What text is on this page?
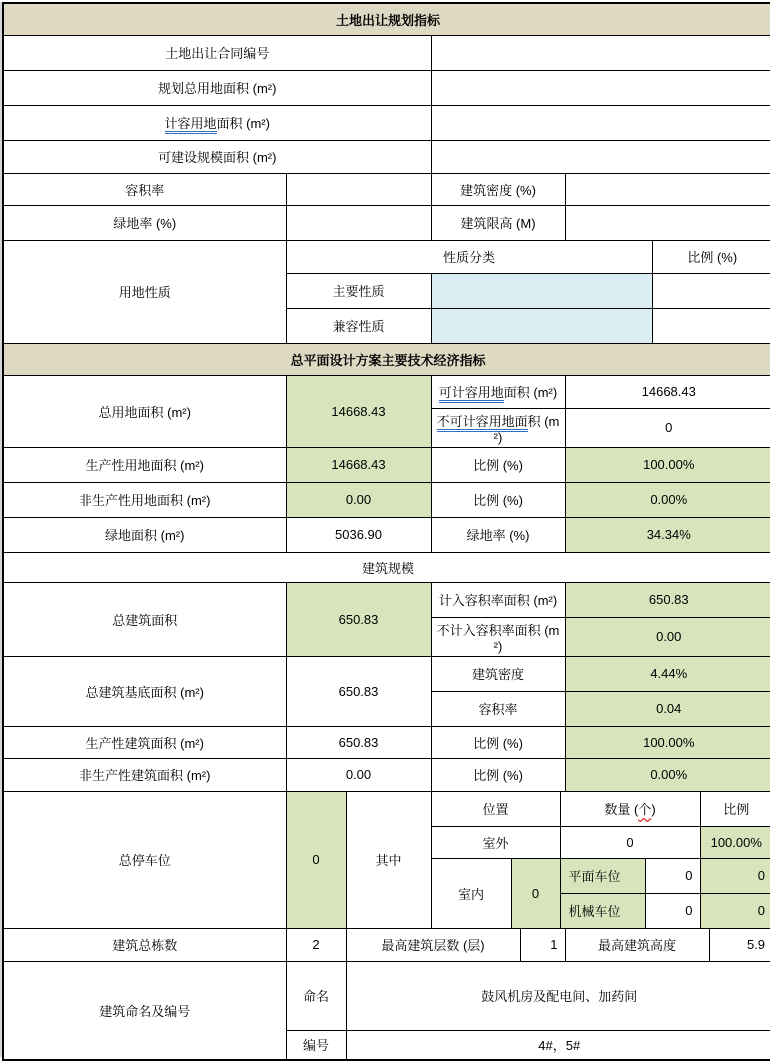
土地出让规划指标											
土地出让合同编号											
规划总用地面积 (m²)											
计容用地面积 (m²)											
可建设规模面积 (m²)											
容积率			建筑密度 (%)								
绿地率 (%)			建筑限高 (M)								
用地性质	性质分类								比例 (%)		
	主要性质										
	兼容性质										
总平面设计方案主要技术经济指标											
总用地面积 (m²)	14668.43		可计容用地面积 (m²)				14668.43				
			不可计容用地面积 (m²)				0				
生产性用地面积 (m²)	14668.43		比例 (%)				100.00%				
非生产性用地面积 (m²)	0.00		比例 (%)				0.00%				
绿地面积 (m²)	5036.90		绿地率 (%)				34.34%				
建筑规模											
总建筑面积	650.83		计入容积率面积 (m²)				650.83				
			不计入容积率面积 (m²)				0.00				
总建筑基底面积 (m²)	650.83		建筑密度				4.44%				
			容积率				0.04				
生产性建筑面积 (m²)	650.83		比例 (%)				100.00%				
非生产性建筑面积 (m²)	0.00		比例 (%)				0.00%				
总停车位	0	其中	位置			数量 (个)				比例	
			室外			0				100.00%	
			室内	0		平面车位		0		0	
						机械车位		0		0	
建筑总栋数	2	最高建筑层数 (层)			1		最高建筑高度				5.9
建筑命名及编号	命名	鼓风机房及配电间、加药间									
	编号	4#，5#									
